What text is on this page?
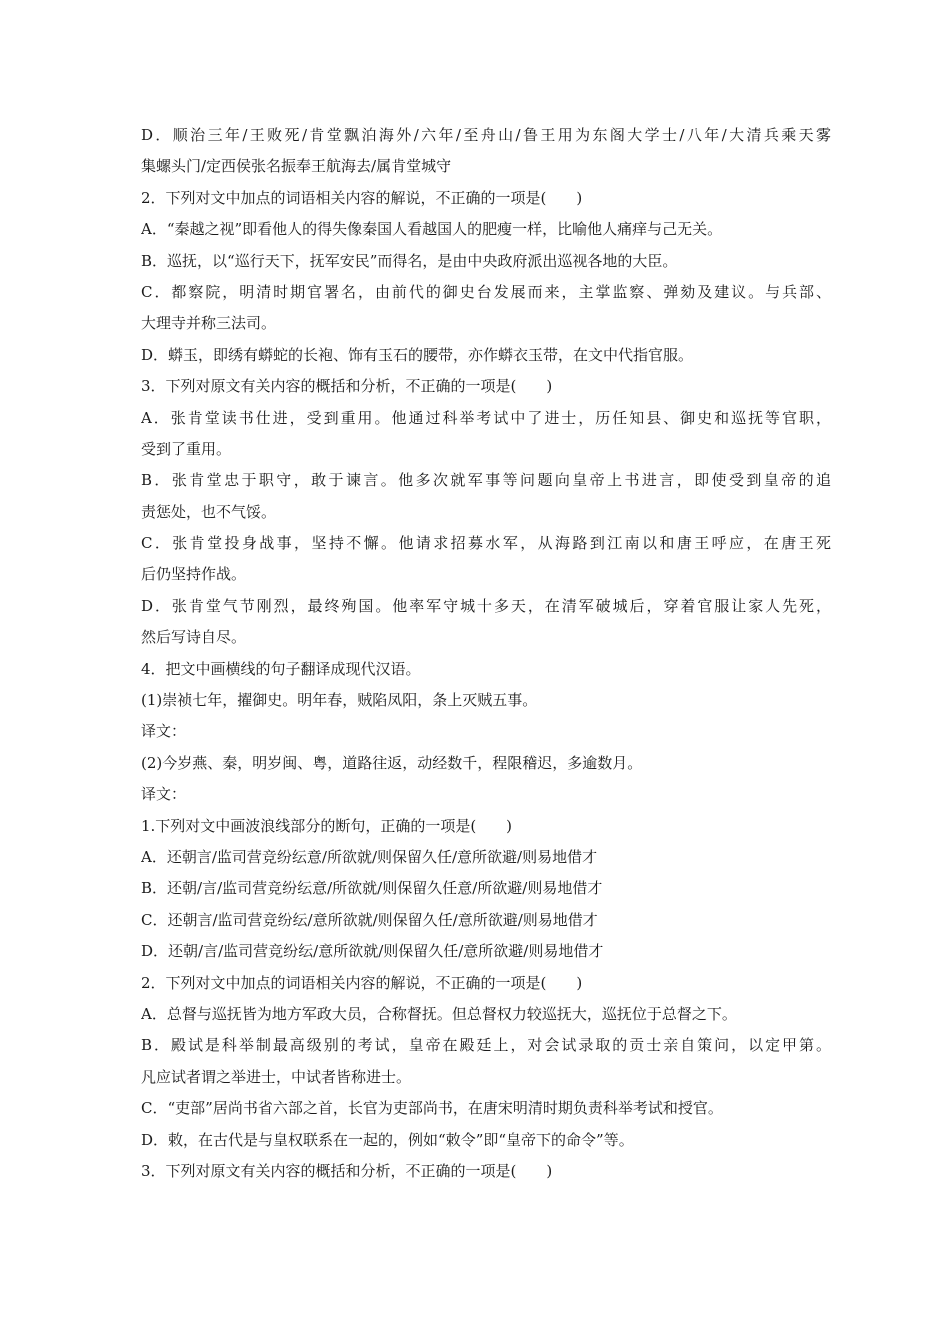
D．顺治三年/王败死/肯堂飘泊海外/六年/至舟山/鲁王用为东阁大学士/八年/大清兵乘天雾
集螺头门/定西侯张名振奉王航海去/属肯堂城守
2．下列对文中加点的词语相关内容的解说，不正确的一项是(　　)
A．“秦越之视”即看他人的得失像秦国人看越国人的肥瘦一样，比喻他人痛痒与己无关。
B．巡抚，以“巡行天下，抚军安民”而得名，是由中央政府派出巡视各地的大臣。
C．都察院，明清时期官署名，由前代的御史台发展而来，主掌监察、弹劾及建议。与兵部、
大理寺并称三法司。
D．蟒玉，即绣有蟒蛇的长袍、饰有玉石的腰带，亦作蟒衣玉带，在文中代指官服。
3．下列对原文有关内容的概括和分析，不正确的一项是(　　)
A．张肯堂读书仕进，受到重用。他通过科举考试中了进士，历任知县、御史和巡抚等官职，
受到了重用。
B．张肯堂忠于职守，敢于谏言。他多次就军事等问题向皇帝上书进言，即使受到皇帝的追
责惩处，也不气馁。
C．张肯堂投身战事，坚持不懈。他请求招募水军，从海路到江南以和唐王呼应，在唐王死
后仍坚持作战。
D．张肯堂气节刚烈，最终殉国。他率军守城十多天，在清军破城后，穿着官服让家人先死，
然后写诗自尽。
4．把文中画横线的句子翻译成现代汉语。
(1)崇祯七年，擢御史。明年春，贼陷凤阳，条上灭贼五事。
译文：
(2)今岁燕、秦，明岁闽、粤，道路往返，动经数千，程限稽迟，多逾数月。
译文：
1.下列对文中画波浪线部分的断句，正确的一项是(　　)
A．还朝言/监司营竞纷纭意/所欲就/则保留久任/意所欲避/则易地借才
B．还朝/言/监司营竞纷纭意/所欲就/则保留久任意/所欲避/则易地借才
C．还朝言/监司营竞纷纭/意所欲就/则保留久任/意所欲避/则易地借才
D．还朝/言/监司营竞纷纭/意所欲就/则保留久任/意所欲避/则易地借才
2．下列对文中加点的词语相关内容的解说，不正确的一项是(　　)
A．总督与巡抚皆为地方军政大员，合称督抚。但总督权力较巡抚大，巡抚位于总督之下。
B．殿试是科举制最高级别的考试，皇帝在殿廷上，对会试录取的贡士亲自策问，以定甲第。
凡应试者谓之举进士，中试者皆称进士。
C．“吏部”居尚书省六部之首，长官为吏部尚书，在唐宋明清时期负责科举考试和授官。
D．敕，在古代是与皇权联系在一起的，例如“敕令”即“皇帝下的命令”等。
3．下列对原文有关内容的概括和分析，不正确的一项是(　　)
